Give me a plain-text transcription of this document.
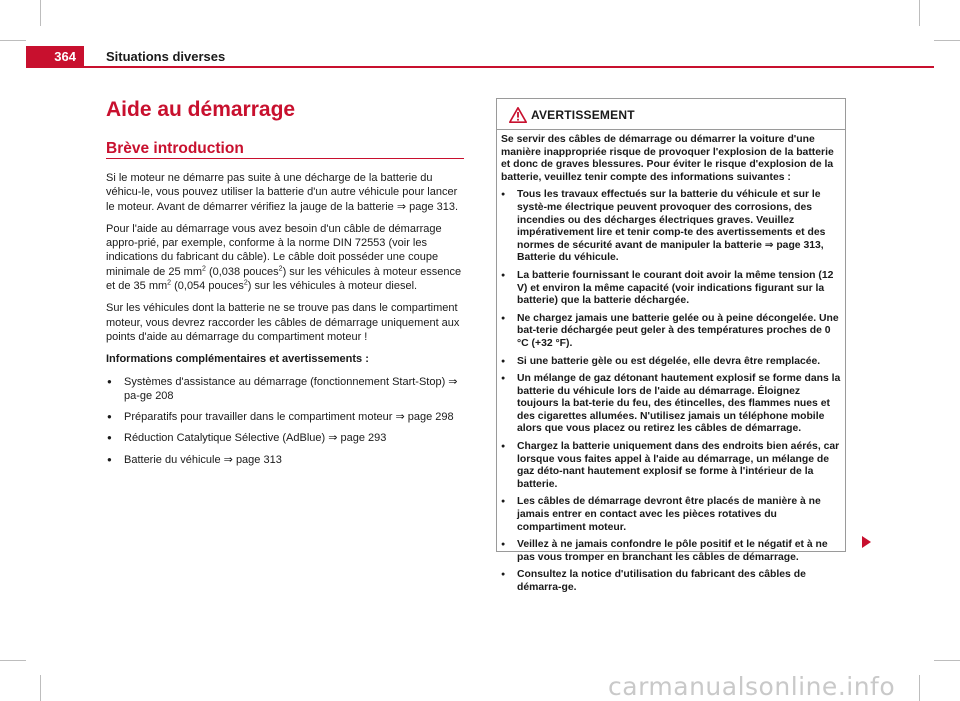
364 Situations diverses
Aide au démarrage
Brève introduction

Si le moteur ne démarre pas suite à une décharge de la batterie du véhicu-le, vous pouvez utiliser la batterie d'un autre véhicule pour lancer le moteur. Avant de démarrer vérifiez la jauge de la batterie ⇒ page 313.

Pour l'aide au démarrage vous avez besoin d'un câble de démarrage appro-prié, par exemple, conforme à la norme DIN 72553 (voir les indications du fabricant du câble). Le câble doit posséder une coupe minimale de 25 $mm^2$ (0,038 pouces$^2$) sur les véhicules à moteur essence et de 35 $mm^2$ (0,054 pouces$^2$) sur les véhicules à moteur diesel.

Sur les véhicules dont la batterie ne se trouve pas dans le compartiment moteur, vous devrez raccorder les câbles de démarrage uniquement aux points d'aide au démarrage du compartiment moteur !

Informations complémentaires et avertissements :

● Systèmes d'assistance au démarrage (fonctionnement Start-Stop) ⇒ pa-ge 208
● Préparatifs pour travailler dans le compartiment moteur ⇒ page 298
● Réduction Catalytique Sélective (AdBlue) ⇒ page 293
● Batterie du véhicule ⇒ page 313
AVERTISSEMENT

Se servir des câbles de démarrage ou démarrer la voiture d'une manière inappropriée risque de provoquer l'explosion de la batterie et donc de graves blessures. Pour éviter le risque d'explosion de la batterie, veuillez tenir compte des informations suivantes :

● Tous les travaux effectués sur la batterie du véhicule et sur le systè-me électrique peuvent provoquer des corrosions, des incendies ou des décharges électriques graves. Veuillez impérativement lire et tenir comp-te des avertissements et des normes de sécurité avant de manipuler la batterie ⇒ page 313, Batterie du véhicule.
● La batterie fournissant le courant doit avoir la même tension (12 V) et environ la même capacité (voir indications figurant sur la batterie) que la batterie déchargée.
● Ne chargez jamais une batterie gelée ou à peine décongelée. Une bat-terie déchargée peut geler à des températures proches de 0 °C (+32 °F).
● Si une batterie gèle ou est dégelée, elle devra être remplacée.
● Un mélange de gaz détonant hautement explosif se forme dans la batterie du véhicule lors de l'aide au démarrage. Éloignez toujours la bat-terie du feu, des étincelles, des flammes nues et des cigarettes allumées. N'utilisez jamais un téléphone mobile alors que vous placez ou retirez les câbles de démarrage.
● Chargez la batterie uniquement dans des endroits bien aérés, car lorsque vous faites appel à l'aide au démarrage, un mélange de gaz déto-nant hautement explosif se forme à l'intérieur de la batterie.
● Les câbles de démarrage devront être placés de manière à ne jamais entrer en contact avec les pièces rotatives du compartiment moteur.
● Veillez à ne jamais confondre le pôle positif et le négatif et à ne pas vous tromper en branchant les câbles de démarrage.
● Consultez la notice d'utilisation du fabricant des câbles de démarra-ge.
carmanualsonline.info
